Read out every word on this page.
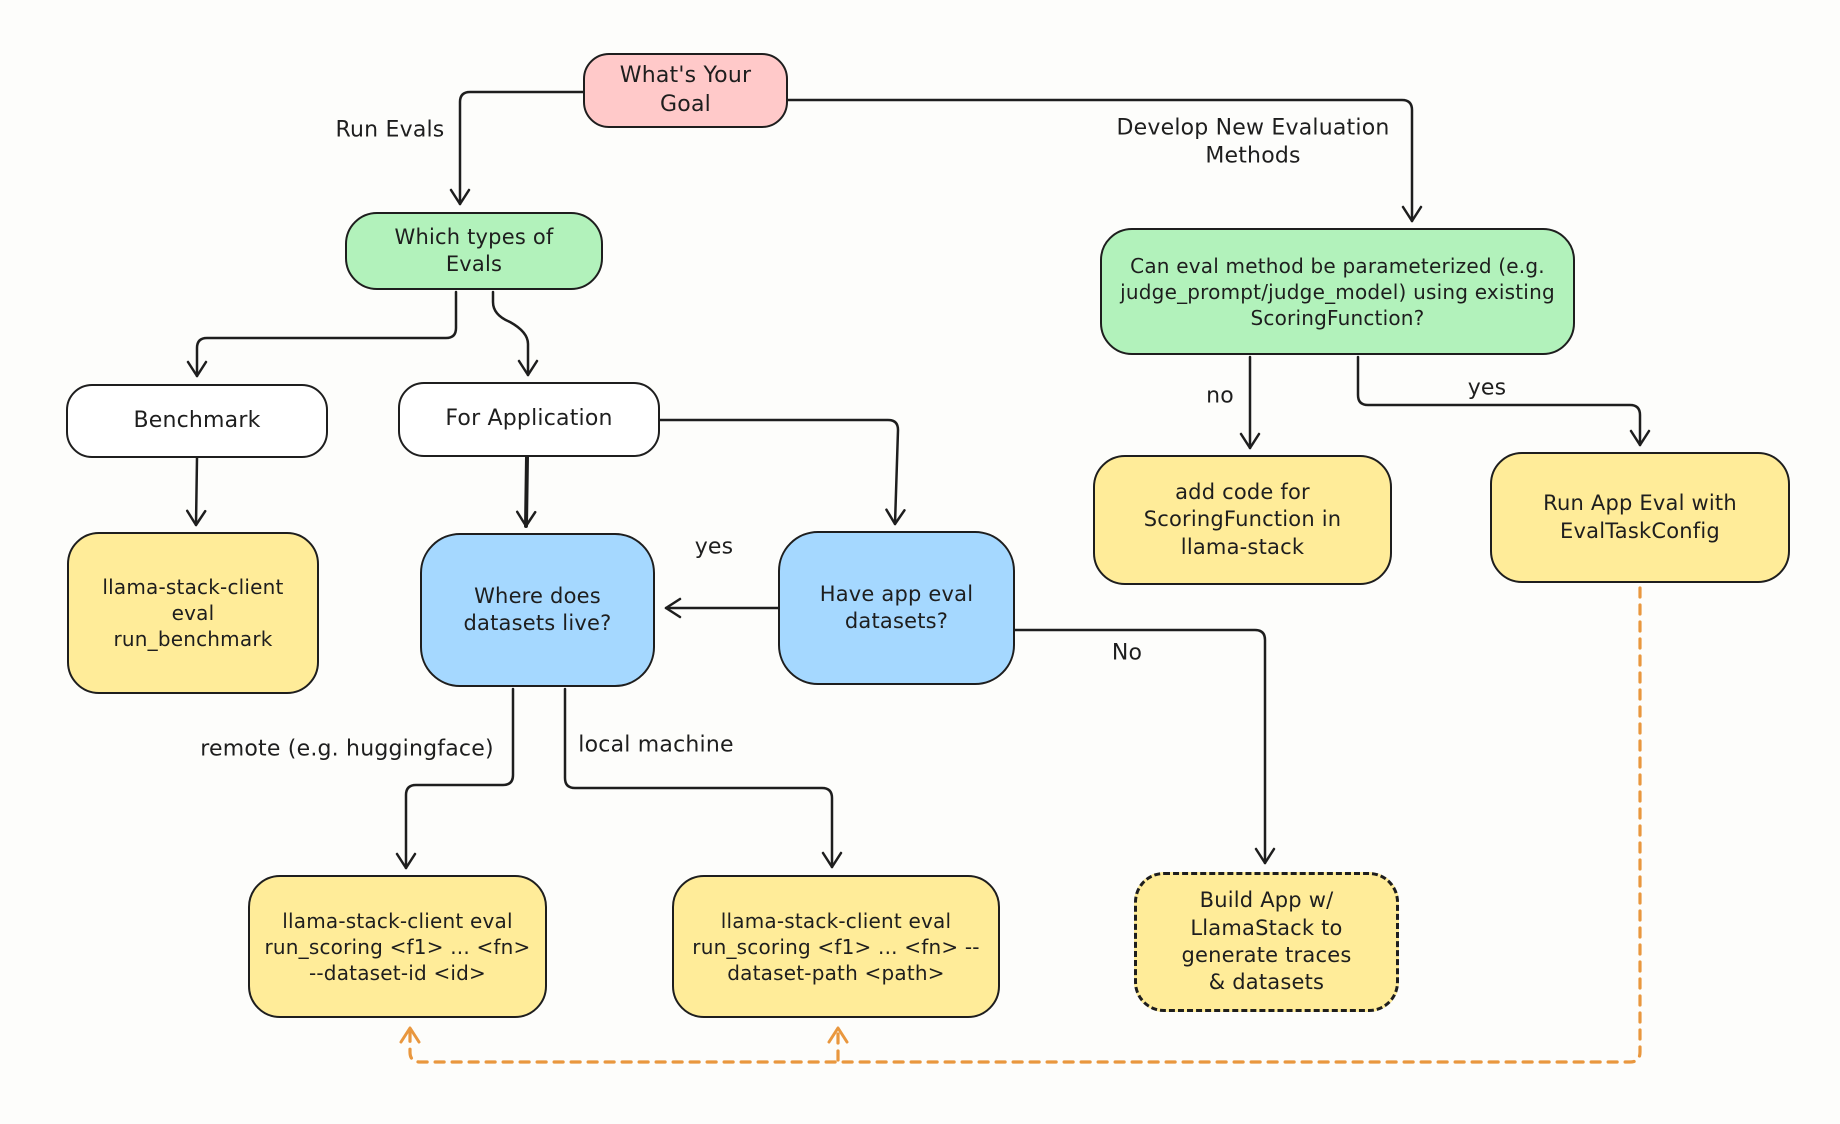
What's Your Goal
Which types of Evals	Can eval method be parameterized (e.g. judge_prompt/judge_model) using existing ScoringFunction?
Benchmark	For Application
llama-stack-client eval run_benchmark
Where does datasets live?
Have app eval datasets?
add code for ScoringFunction in llama-stack
Run App Eval with EvalTaskConfig
llama-stack-client eval run_scoring <f1> ... <fn> --dataset-id <id>
llama-stack-client eval run_scoring <f1> ... <fn> --dataset-path <path>
Build App w/ LlamaStack to generate traces & datasets
Run Evals	Develop New Evaluation Methods
no	yes
yes
No
remote (e.g. huggingface)	local machine
